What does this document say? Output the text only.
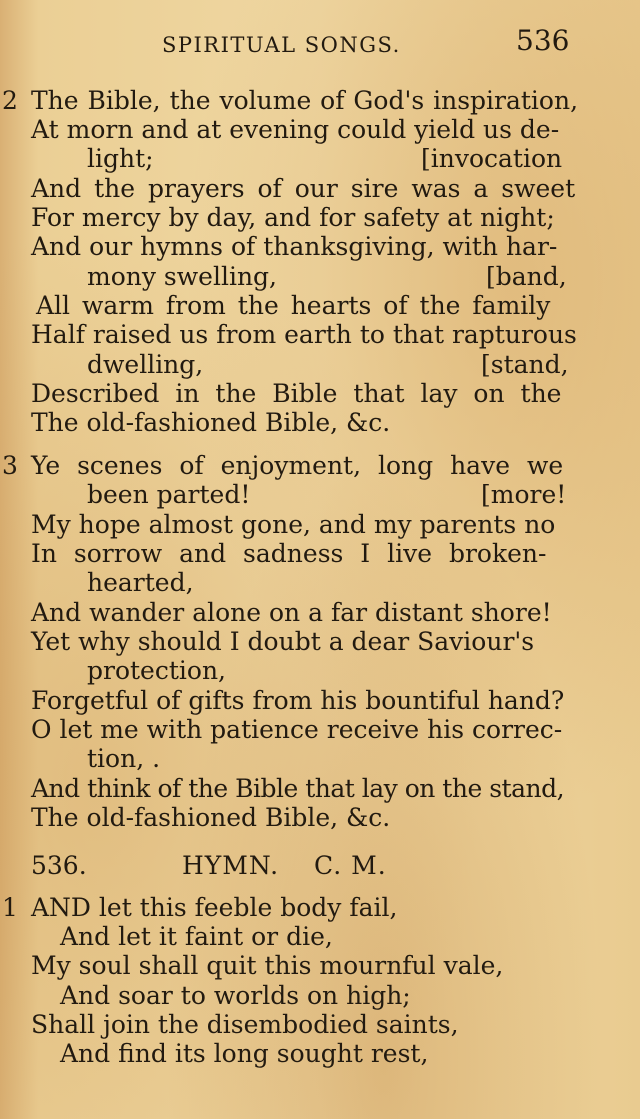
SPIRITUAL SONGS.	536
2 The Bible, the volume of God's inspiration,
At morn and at evening could yield us de-
light;	[invocation
And the prayers of our sire was a sweet
For mercy by day, and for safety at night;
And our hymns of thanksgiving, with har-
mony swelling,	[band,
All warm from the hearts of the family
Half raised us from earth to that rapturous
dwelling,	[stand,
Described in the Bible that lay on the
The old-fashioned Bible, &c.
3 Ye scenes of enjoyment, long have we
been parted!	[more!
My hope almost gone, and my parents no
In sorrow and sadness I live broken-
hearted,
And wander alone on a far distant shore!
Yet why should I doubt a dear Saviour's
protection,
Forgetful of gifts from his bountiful hand?
O let me with patience receive his correc-
tion, .
And think of the Bible that lay on the stand,
The old-fashioned Bible, &c.
536.	HYMN. C. M.
1 AND let this feeble body fail,
And let it faint or die,
My soul shall quit this mournful vale,
And soar to worlds on high;
Shall join the disembodied saints,
And find its long sought rest,
